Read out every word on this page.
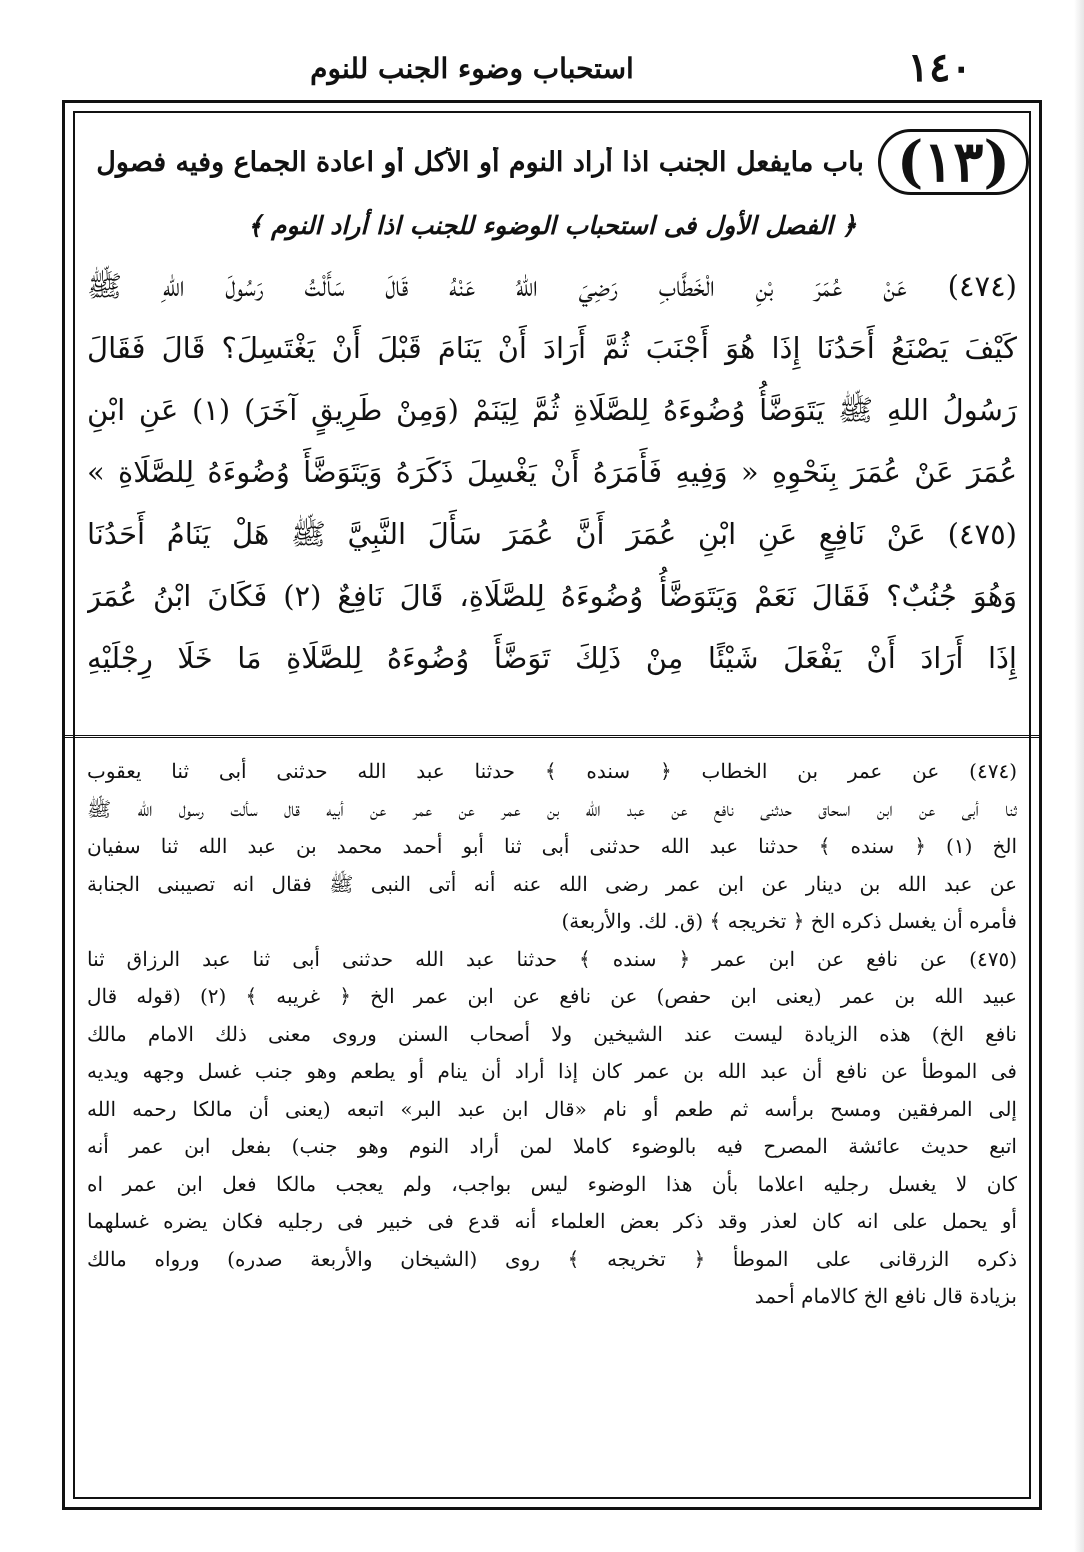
١٤٠
استحباب وضوء الجنب للنوم
(١٣)
باب مايفعل الجنب اذا أراد النوم أو الأكل أو اعادة الجماع وفيه فصول
﴿ الفصل الأول فى استحباب الوضوء للجنب اذا أراد النوم ﴾
(٤٧٤) عَنْ عُمَرَ بْنِ الْخَطَّابِ رَضِيَ اللهُ عَنْهُ قَالَ سَأَلْتُ رَسُولَ اللهِ ﷺ
كَيْفَ يَصْنَعُ أَحَدُنَا إِذَا هُوَ أَجْنَبَ ثُمَّ أَرَادَ أَنْ يَنَامَ قَبْلَ أَنْ يَغْتَسِلَ؟ قَالَ فَقَالَ
رَسُولُ اللهِ ﷺ يَتَوَضَّأُ وُضُوءَهُ لِلصَّلَاةِ ثُمَّ لِيَنَمْ (وَمِنْ طَرِيقٍ آخَرَ) (١) عَنِ ابْنِ
عُمَرَ عَنْ عُمَرَ بِنَحْوِهِ « وَفِيهِ فَأَمَرَهُ أَنْ يَغْسِلَ ذَكَرَهُ وَيَتَوَضَّأَ وُضُوءَهُ لِلصَّلَاةِ »
(٤٧٥) عَنْ نَافِعٍ عَنِ ابْنِ عُمَرَ أَنَّ عُمَرَ سَأَلَ النَّبِيَّ ﷺ هَلْ يَنَامُ أَحَدُنَا
وَهُوَ جُنُبٌ؟ فَقَالَ نَعَمْ وَيَتَوَضَّأُ وُضُوءَهُ لِلصَّلَاةِ، قَالَ نَافِعٌ (٢) فَكَانَ ابْنُ عُمَرَ
إِذَا أَرَادَ أَنْ يَفْعَلَ شَيْئًا مِنْ ذَلِكَ تَوَضَّأَ وُضُوءَهُ لِلصَّلَاةِ مَا خَلَا رِجْلَيْهِ
(٤٧٤) عن عمر بن الخطاب ﴿ سنده ﴾ حدثنا عبد الله حدثنى أبى ثنا يعقوب
ثنا أبى عن ابن اسحاق حدثنى نافع عن عبد الله بن عمر عن عمر عن أبيه قال سألت رسول الله ﷺ
الخ (١) ﴿ سنده ﴾ حدثنا عبد الله حدثنى أبى ثنا أبو أحمد محمد بن عبد الله ثنا سفيان
عن عبد الله بن دينار عن ابن عمر رضى الله عنه أنه أتى النبى ﷺ فقال انه تصيبنى الجنابة
فأمره أن يغسل ذكره الخ ﴿ تخريجه ﴾ (ق. لك. والأربعة)
(٤٧٥) عن نافع عن ابن عمر ﴿ سنده ﴾ حدثنا عبد الله حدثنى أبى ثنا عبد الرزاق ثنا
عبيد الله بن عمر (يعنى ابن حفص) عن نافع عن ابن عمر الخ ﴿ غريبه ﴾ (٢) (قوله قال
نافع الخ) هذه الزيادة ليست عند الشيخين ولا أصحاب السنن وروى معنى ذلك الامام مالك
فى الموطأ عن نافع أن عبد الله بن عمر كان إذا أراد أن ينام أو يطعم وهو جنب غسل وجهه ويديه
إلى المرفقين ومسح برأسه ثم طعم أو نام «قال ابن عبد البر» اتبعه (يعنى أن مالكا رحمه الله
اتبع حديث عائشة المصرح فيه بالوضوء كاملا لمن أراد النوم وهو جنب) بفعل ابن عمر أنه
كان لا يغسل رجليه اعلاما بأن هذا الوضوء ليس بواجب، ولم يعجب مالكا فعل ابن عمر اه
أو يحمل على انه كان لعذر وقد ذكر بعض العلماء أنه قدع فى خبير فى رجليه فكان يضره غسلهما
ذكره الزرقانى على الموطأ ﴿ تخريجه ﴾ روى (الشيخان والأربعة صدره) ورواه مالك
بزيادة قال نافع الخ كالامام أحمد
